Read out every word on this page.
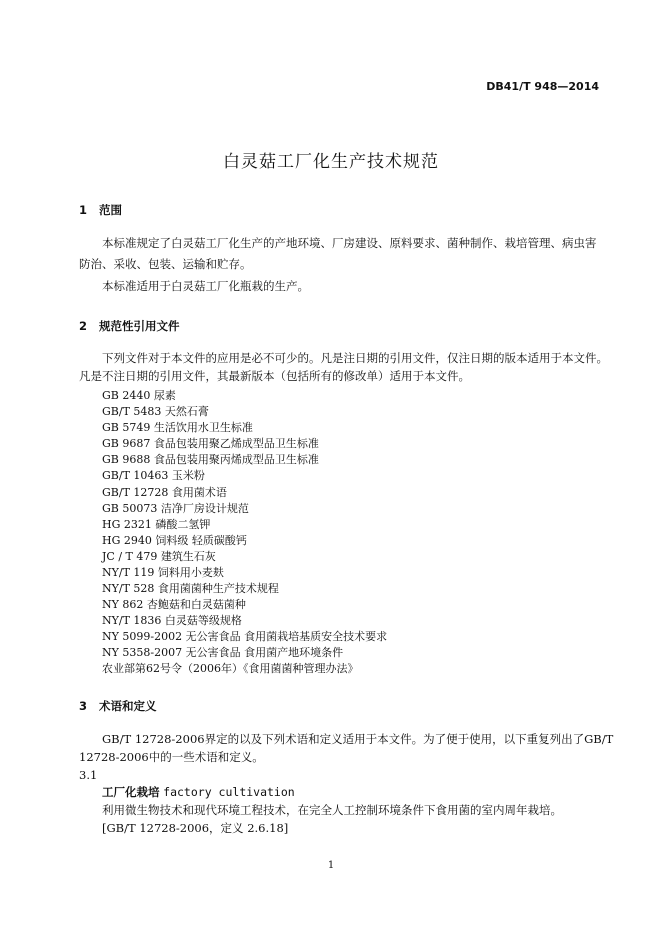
DB41/T 948—2014
白灵菇工厂化生产技术规范
1 范围
本标准规定了白灵菇工厂化生产的产地环境、厂房建设、原料要求、菌种制作、栽培管理、病虫害
防治、采收、包装、运输和贮存。
本标准适用于白灵菇工厂化瓶栽的生产。
2 规范性引用文件
下列文件对于本文件的应用是必不可少的。凡是注日期的引用文件，仅注日期的版本适用于本文件。
凡是不注日期的引用文件，其最新版本（包括所有的修改单）适用于本文件。
GB 2440 尿素
GB/T 5483 天然石膏
GB 5749 生活饮用水卫生标准
GB 9687 食品包装用聚乙烯成型品卫生标准
GB 9688 食品包装用聚丙烯成型品卫生标准
GB/T 10463 玉米粉
GB/T 12728 食用菌术语
GB 50073 洁净厂房设计规范
HG 2321 磷酸二氢钾
HG 2940 饲料级 轻质碳酸钙
JC / T 479 建筑生石灰
NY/T 119 饲料用小麦麸
NY/T 528 食用菌菌种生产技术规程
NY 862 杏鲍菇和白灵菇菌种
NY/T 1836 白灵菇等级规格
NY 5099-2002 无公害食品 食用菌栽培基质安全技术要求
NY 5358-2007 无公害食品 食用菌产地环境条件
农业部第62号令（2006年）《食用菌菌种管理办法》
3 术语和定义
GB/T 12728-2006界定的以及下列术语和定义适用于本文件。为了便于使用，以下重复列出了GB/T
12728-2006中的一些术语和定义。
3.1
工厂化栽培 factory cultivation
利用微生物技术和现代环境工程技术，在完全人工控制环境条件下食用菌的室内周年栽培。
[GB/T 12728-2006，定义 2.6.18]
1
